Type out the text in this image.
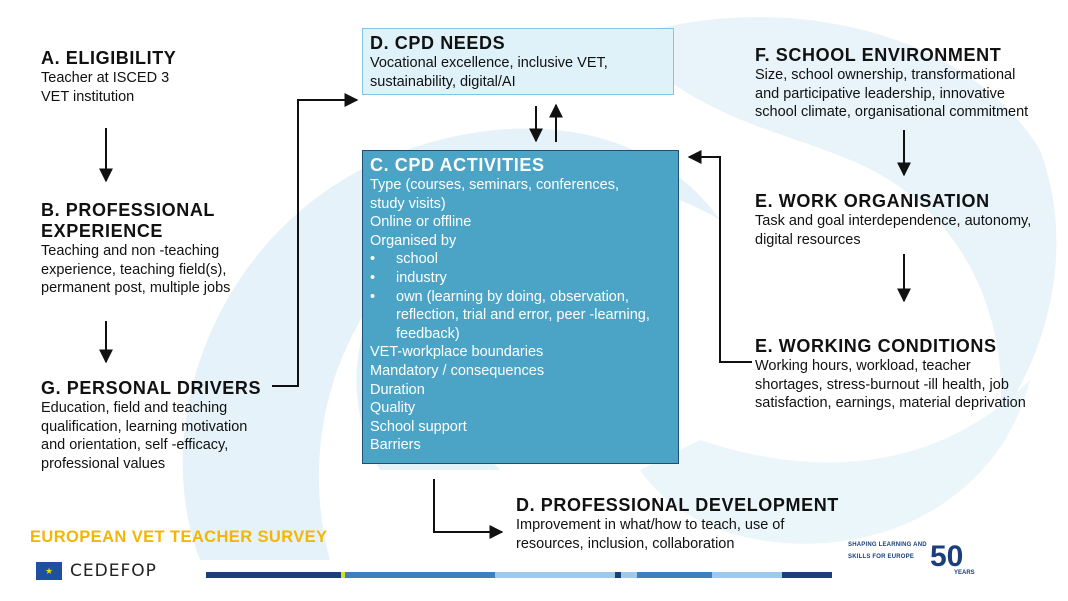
A. ELIGIBILITY
Teacher at ISCED 3
VET institution
B. PROFESSIONAL
EXPERIENCE
Teaching and non -teaching
experience, teaching field(s),
permanent post, multiple jobs
G. PERSONAL DRIVERS
Education, field and teaching
qualification, learning motivation
and orientation, self -efficacy,
professional values
D. CPD NEEDS
Vocational excellence, inclusive VET,
sustainability, digital/AI
C. CPD ACTIVITIES
Type (courses, seminars, conferences,
study visits)
Online or offline
Organised by
•	school
•	industry
•	own (learning by doing, observation,
reflection, trial and error, peer -learning,
feedback)
VET-workplace boundaries
Mandatory / consequences
Duration
Quality
School support
Barriers
D. PROFESSIONAL DEVELOPMENT
Improvement in what/how to teach, use of
resources, inclusion, collaboration
F. SCHOOL ENVIRONMENT
Size, school ownership, transformational
and participative leadership, innovative
school climate, organisational commitment
E. WORK ORGANISATION
Task and goal interdependence, autonomy,
digital resources
E. WORKING CONDITIONS
Working hours, workload, teacher
shortages, stress-burnout -ill health, job
satisfaction, earnings, material deprivation
EUROPEAN VET TEACHER SURVEY
★ CEDEFOP
SHAPING LEARNING AND
SKILLS FOR EUROPE 50
YEARS
